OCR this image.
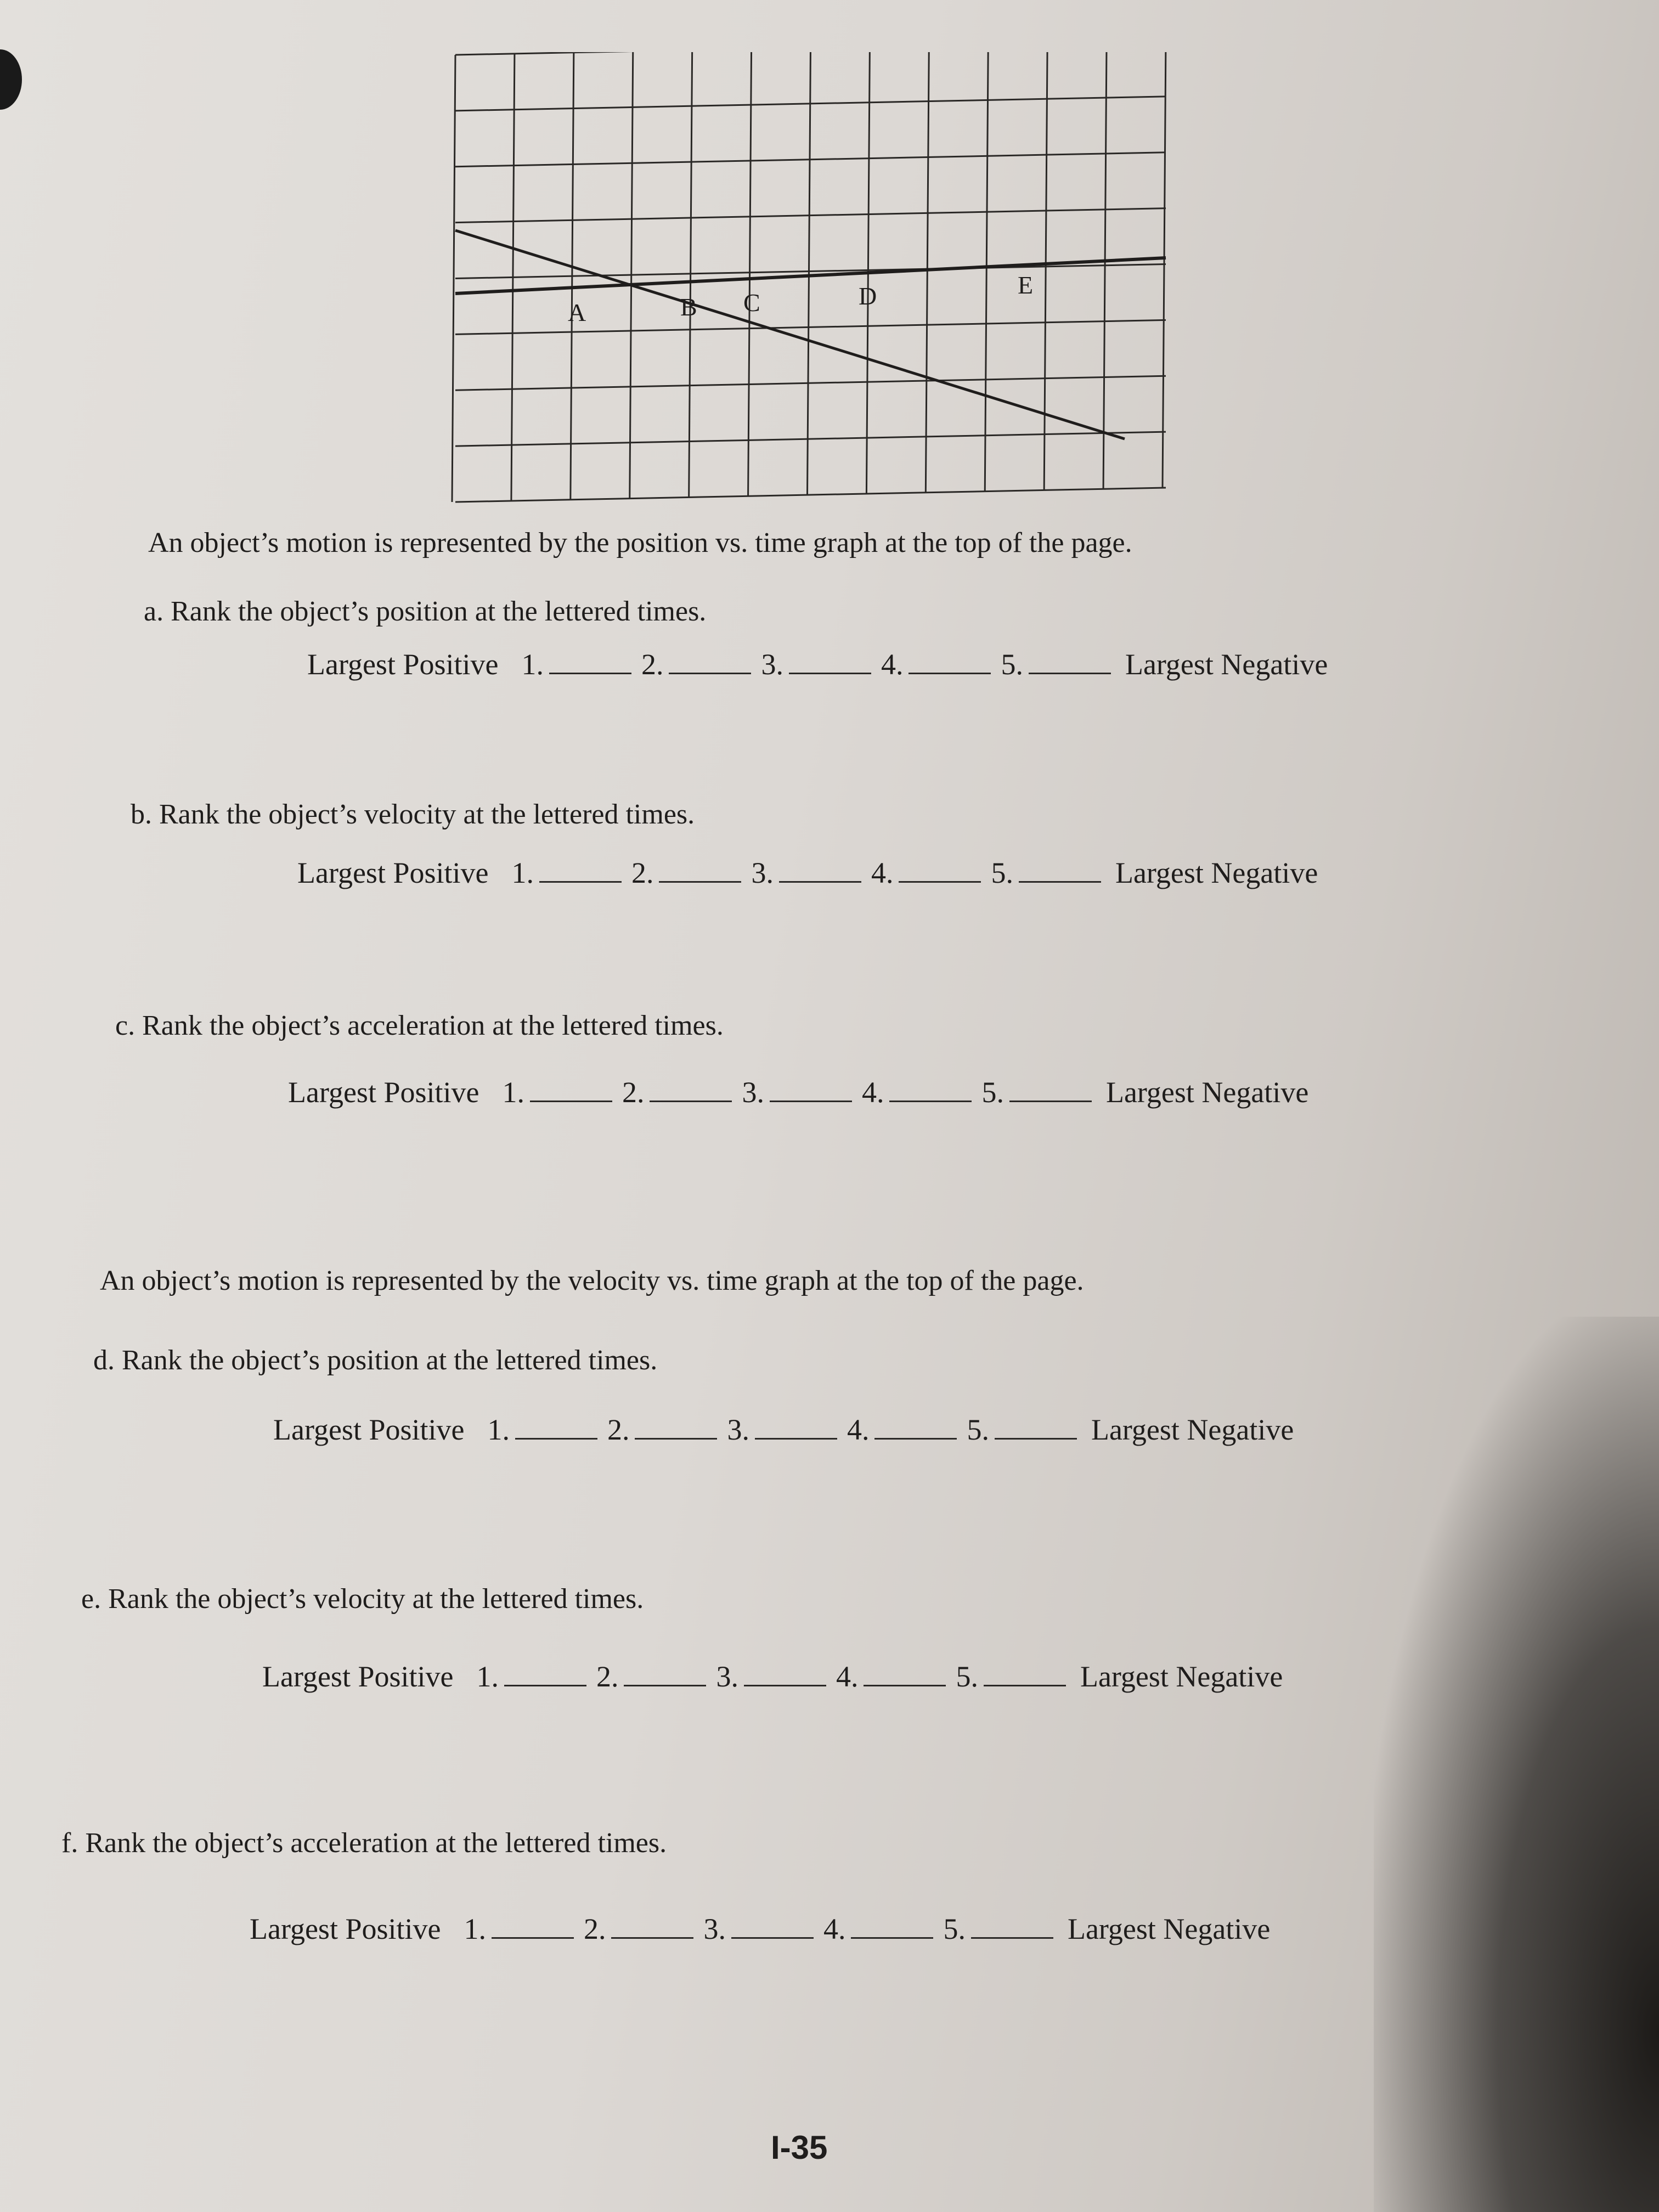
A	B C	D	E
An object’s motion is represented by the position vs. time graph at the top of the page.
a. Rank the object’s position at the lettered times.
Largest Positive 1.	2.	3.	4.	5.	Largest Negative
b. Rank the object’s velocity at the lettered times.
Largest Positive 1.	2.	3.	4.	5.	Largest Negative
c. Rank the object’s acceleration at the lettered times.
Largest Positive 1.	2.	3.	4.	5.	Largest Negative
An object’s motion is represented by the velocity vs. time graph at the top of the page.
d. Rank the object’s position at the lettered times.
Largest Positive 1.	2.	3.	4.	5.	Largest Negative
e. Rank the object’s velocity at the lettered times.
Largest Positive 1.	2.	3.	4.	5.	Largest Negative
f. Rank the object’s acceleration at the lettered times.
Largest Positive 1.	2.	3.	4.	5.	Largest Negative
I-35
